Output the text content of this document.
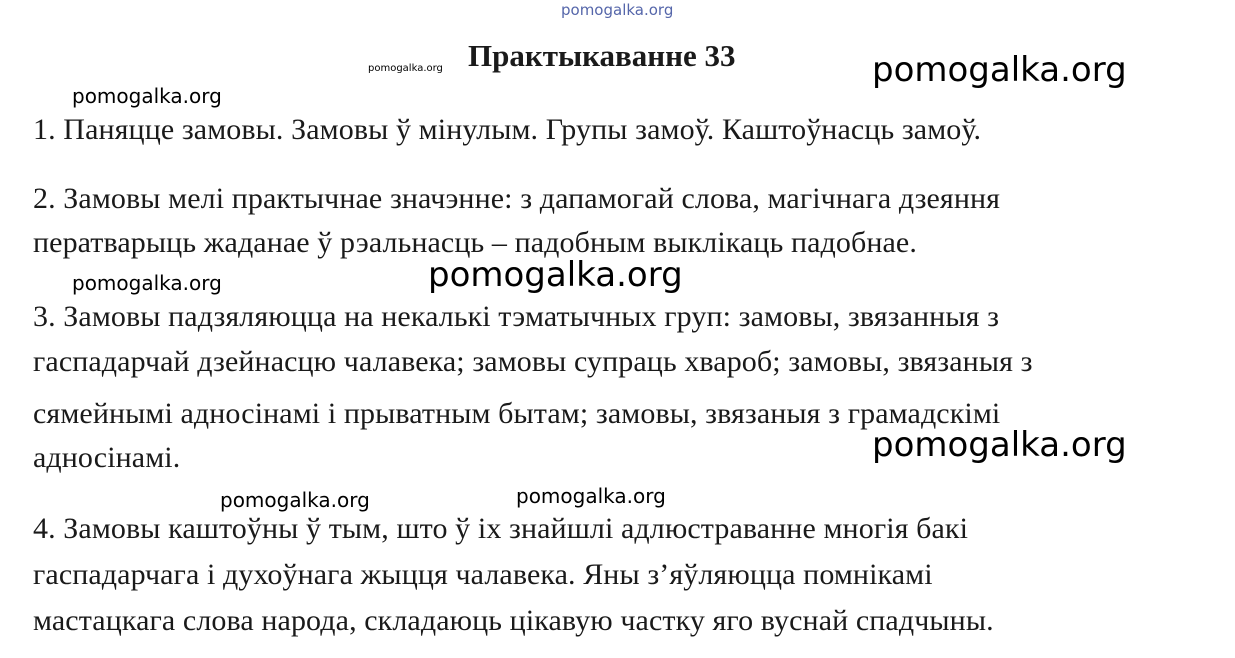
pomogalka.org
Практыкаванне 33
pomogalka.org	pomogalka.org
pomogalka.org
1. Паняцце замовы. Замовы ў мінулым. Групы замоў. Каштоўнасць замоў.
2. Замовы мелі практычнае значэнне: з дапамогай слова, магічнага дзеяння
ператварыць жаданае ў рэальнасць – падобным выклікаць падобнае.
pomogalka.org	pomogalka.org
3. Замовы падзяляюцца на некалькі тэматычных груп: замовы, звязанныя з
гаспадарчай дзейнасцю чалавека; замовы супраць хвароб; замовы, звязаныя з
сямейнымі адносінамі і прыватным бытам; замовы, звязаныя з грамадскімі
адносінамі.	pomogalka.org
pomogalka.org	pomogalka.org
4. Замовы каштоўны ў тым, што ў іх знайшлі адлюстраванне многія бакі
гаспадарчага і духоўнага жыцця чалавека. Яны з’яўляюцца помнікамі
мастацкага слова народа, складаюць цікавую частку яго вуснай спадчыны.
